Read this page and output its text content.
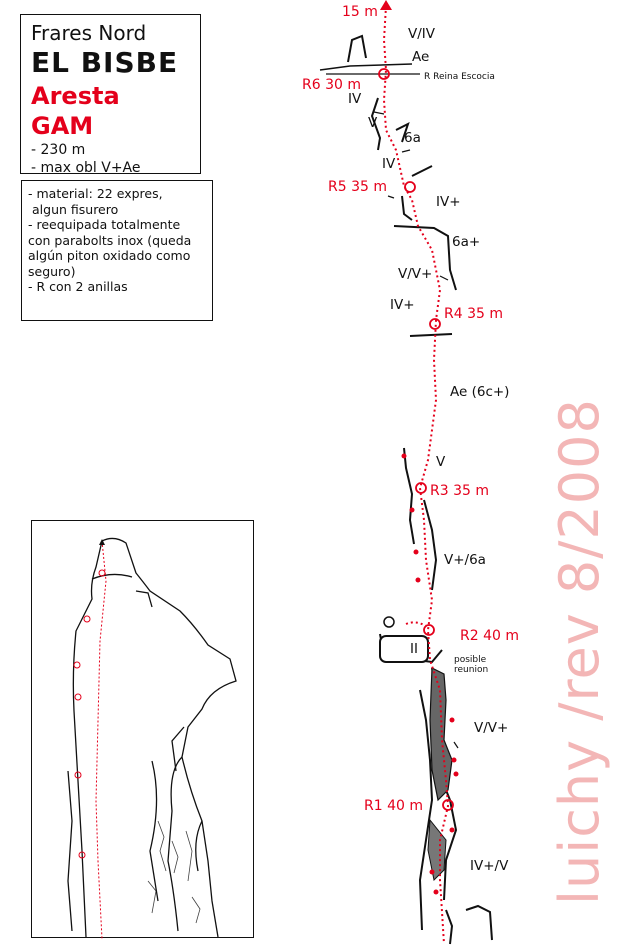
Frares Nord
EL BISBE
Aresta GAM
- 230 m
- max obl V+Ae
- material: 22 expres,
algun fisurero
- reequipada totalmente
con parabolts inox (queda
algún piton oxidado como
seguro)
- R con 2 anillas
15 m
R6 30 m
R5 35 m
R4 35 m
R3 35 m
R2 40 m
R1 40 m
R Reina Escocia
V/IV
Ae
IV
V
6a
IV
IV+
6a+
V/V+
IV+
Ae (6c+)
V
V+/6a
II
V/V+
IV+/V
posible
reunion luichy /rev 8/2008
